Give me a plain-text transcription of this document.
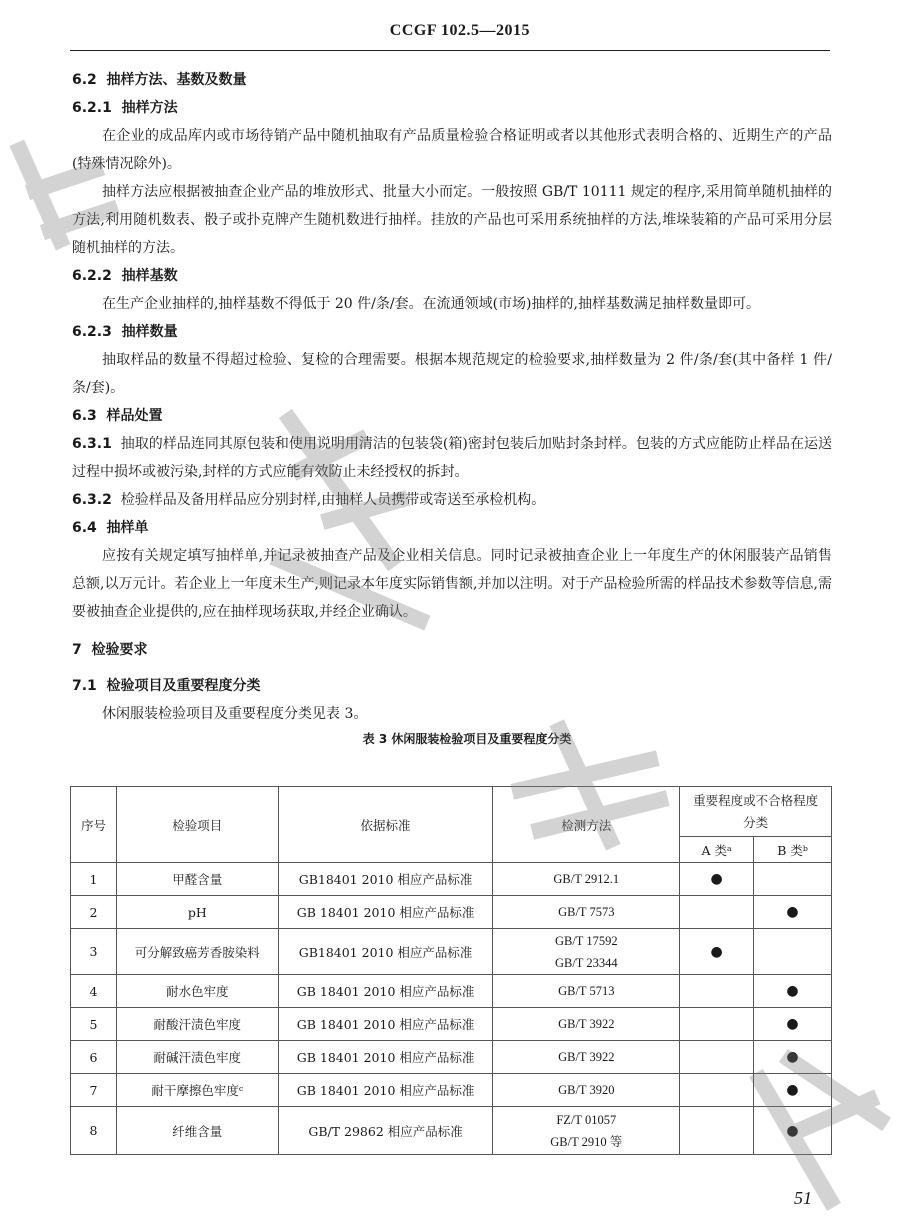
CCGF 102.5—2015
6.2  抽样方法、基数及数量
6.2.1  抽样方法
在企业的成品库内或市场待销产品中随机抽取有产品质量检验合格证明或者以其他形式表明合格的、近期生产的产品(特殊情况除外)。
抽样方法应根据被抽查企业产品的堆放形式、批量大小而定。一般按照 GB/T 10111 规定的程序,采用简单随机抽样的方法,利用随机数表、骰子或扑克牌产生随机数进行抽样。挂放的产品也可采用系统抽样的方法,堆垛装箱的产品可采用分层随机抽样的方法。
6.2.2  抽样基数
在生产企业抽样的,抽样基数不得低于 20 件/条/套。在流通领域(市场)抽样的,抽样基数满足抽样数量即可。
6.2.3  抽样数量
抽取样品的数量不得超过检验、复检的合理需要。根据本规范规定的检验要求,抽样数量为 2 件/条/套(其中备样 1 件/条/套)。
6.3  样品处置
6.3.1 抽取的样品连同其原包装和使用说明用清洁的包装袋(箱)密封包装后加贴封条封样。包装的方式应能防止样品在运送过程中损坏或被污染,封样的方式应能有效防止未经授权的拆封。
6.3.2 检验样品及备用样品应分别封样,由抽样人员携带或寄送至承检机构。
6.4  抽样单
应按有关规定填写抽样单,并记录被抽查产品及企业相关信息。同时记录被抽查企业上一年度生产的休闲服装产品销售总额,以万元计。若企业上一年度未生产,则记录本年度实际销售额,并加以注明。对于产品检验所需的样品技术参数等信息,需要被抽查企业提供的,应在抽样现场获取,并经企业确认。
7  检验要求
7.1  检验项目及重要程度分类
休闲服装检验项目及重要程度分类见表 3。
表 3 休闲服装检验项目及重要程度分类
序号	检验项目	依据标准	检测方法	重要程度或不合格程度分类	
				A 类ᵃ	B 类ᵇ
1	甲醛含量	GB18401 2010 相应产品标准	GB/T 2912.1	●	
2	pH	GB 18401 2010 相应产品标准	GB/T 7573		●
3	可分解致癌芳香胺染料	GB18401 2010 相应产品标准	GB/T 17592
GB/T 23344	●	
4	耐水色牢度	GB 18401 2010 相应产品标准	GB/T 5713		●
5	耐酸汗渍色牢度	GB 18401 2010 相应产品标准	GB/T 3922		●
6	耐碱汗渍色牢度	GB 18401 2010 相应产品标准	GB/T 3922		●
7	耐干摩擦色牢度ᶜ	GB 18401 2010 相应产品标准	GB/T 3920		●
8	纤维含量	GB/T 29862 相应产品标准	FZ/T 01057
GB/T 2910 等		●
51
